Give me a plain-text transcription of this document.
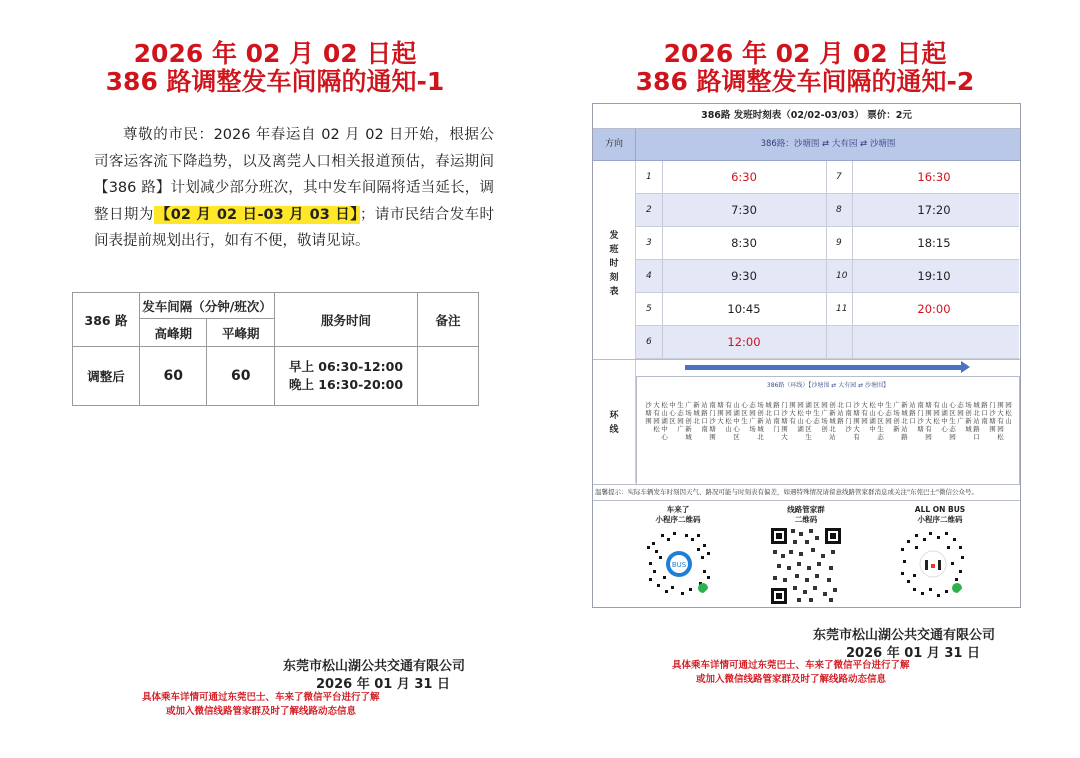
2026 年 02 月 02 日起
386 路调整发车间隔的通知-1
尊敬的市民：2026 年春运自 02 月 02 日开始，根据公司客运客流下降趋势，以及离莞人口相关报道预估，春运期间【386 路】计划减少部分班次，其中发车间隔将适当延长，调整日期为 【02 月 02 日-03 月 03 日】 ；请市民结合发车时间表提前规划出行，如有不便，敬请见谅。
386 路	发车间隔（分钟/班次）		服务时间	备注
	高峰期	平峰期		
调整后	60	60	早上 06:30-12:00
晚上 16:30-20:00	

东莞市松山湖公共交通有限公司
2026 年 01 月 31 日
具体乘车详情可通过东莞巴士、车来了微信平台进行了解
或加入微信线路管家群及时了解线路动态信息
2026 年 02 月 02 日起
386 路调整发车间隔的通知-2
386路 发班时刻表（02/02-03/03） 票价：2元
方向	386路：沙塘围 ⇄ 大有园 ⇄ 沙塘围
发班时刻表
1	6:30	7	16:30
2	7:30	8	17:20
3	8:30	9	18:15
4	9:30	10	19:10
5	10:45	11	20:00
6	12:00
环线
386路（环线）【沙塘围 ⇄ 大有园 ⇄ 沙塘围】
沙
塘
围

大
有
园
松

松
山
湖
中
心

中
心
区

生
态
园
广

广
场
创
新
城

新
城
北

站
路
口
南

南
门
沙
塘
围

塘
围
大

有
园
松
山

山
湖
中
心
区

心
区
生

态
园
广
场

场
创
新
城
北

城
北
站

路
口
南
门

门
沙
塘
围
大

围
大
有

园
松
山
湖

湖
中
心
区
生

区
生
态

园
广
场
创

创
新
城
北
站

北
站
路

口
南
门
沙

沙
塘
围
大
有

大
有
园

松
山
湖
中

中
心
区
生
态

生
态
园

广
场
创
新

新
城
北
站
路

站
路
口

南
门
沙
塘

塘
围
大
有
园

有
园
松

山
湖
中
心

心
区
生
态
园

态
园
广

场
创
新
城

城
北
站
路
口

路
口
南

门
沙
塘
围

围
大
有
园
松

园
松
山

温馨提示：实际车辆发车时刻因天气、路况可能与时刻表有偏差，如遇特殊情况请留意线路管家群消息或关注"东莞巴士"微信公众号。
车来了
小程序二维码
线路管家群
二维码
ALL ON BUS
小程序二维码
BUS
东莞市松山湖公共交通有限公司
2026 年 01 月 31 日
具体乘车详情可通过东莞巴士、车来了微信平台进行了解
或加入微信线路管家群及时了解线路动态信息
